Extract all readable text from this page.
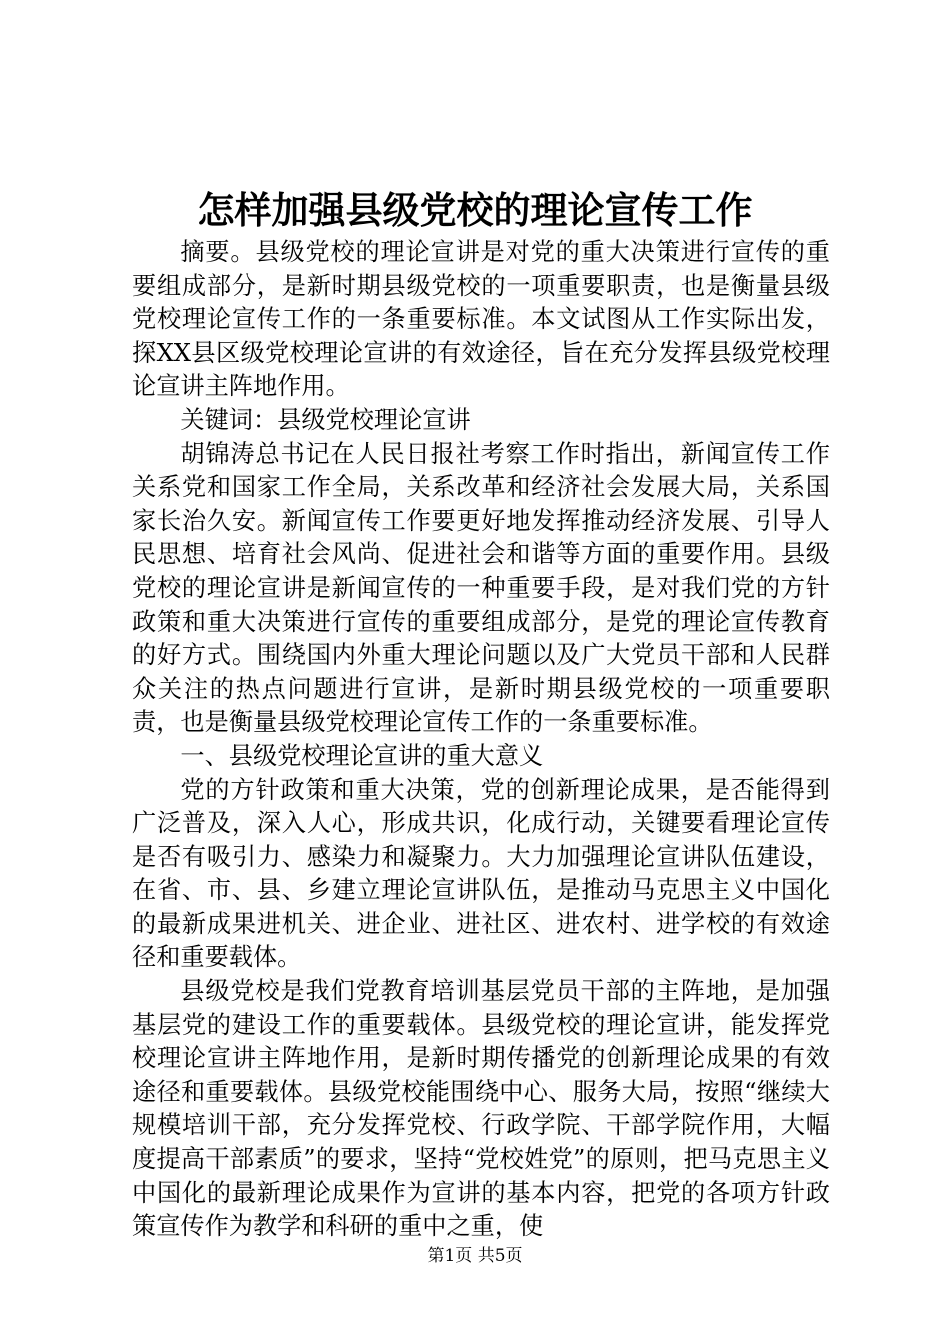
怎样加强县级党校的理论宣传工作

摘要。县级党校的理论宣讲是对党的重大决策进行宣传的重要组成部分，是新时期县级党校的一项重要职责，也是衡量县级党校理论宣传工作的一条重要标准。本文试图从工作实际出发，探XX县区级党校理论宣讲的有效途径，旨在充分发挥县级党校理论宣讲主阵地作用。

关键词：县级党校理论宣讲

胡锦涛总书记在人民日报社考察工作时指出，新闻宣传工作关系党和国家工作全局，关系改革和经济社会发展大局，关系国家长治久安。新闻宣传工作要更好地发挥推动经济发展、引导人民思想、培育社会风尚、促进社会和谐等方面的重要作用。县级党校的理论宣讲是新闻宣传的一种重要手段，是对我们党的方针政策和重大决策进行宣传的重要组成部分，是党的理论宣传教育的好方式。围绕国内外重大理论问题以及广大党员干部和人民群众关注的热点问题进行宣讲，是新时期县级党校的一项重要职责，也是衡量县级党校理论宣传工作的一条重要标准。

一、县级党校理论宣讲的重大意义

党的方针政策和重大决策，党的创新理论成果，是否能得到广泛普及，深入人心，形成共识，化成行动，关键要看理论宣传是否有吸引力、感染力和凝聚力。大力加强理论宣讲队伍建设，在省、市、县、乡建立理论宣讲队伍，是推动马克思主义中国化的最新成果进机关、进企业、进社区、进农村、进学校的有效途径和重要载体。

县级党校是我们党教育培训基层党员干部的主阵地，是加强基层党的建设工作的重要载体。县级党校的理论宣讲，能发挥党校理论宣讲主阵地作用，是新时期传播党的创新理论成果的有效途径和重要载体。县级党校能围绕中心、服务大局，按照“继续大规模培训干部，充分发挥党校、行政学院、干部学院作用，大幅度提高干部素质”的要求，坚持“党校姓党”的原则，把马克思主义中国化的最新理论成果作为宣讲的基本内容，把党的各项方针政策宣传作为教学和科研的重中之重，使

第1页 共5页
